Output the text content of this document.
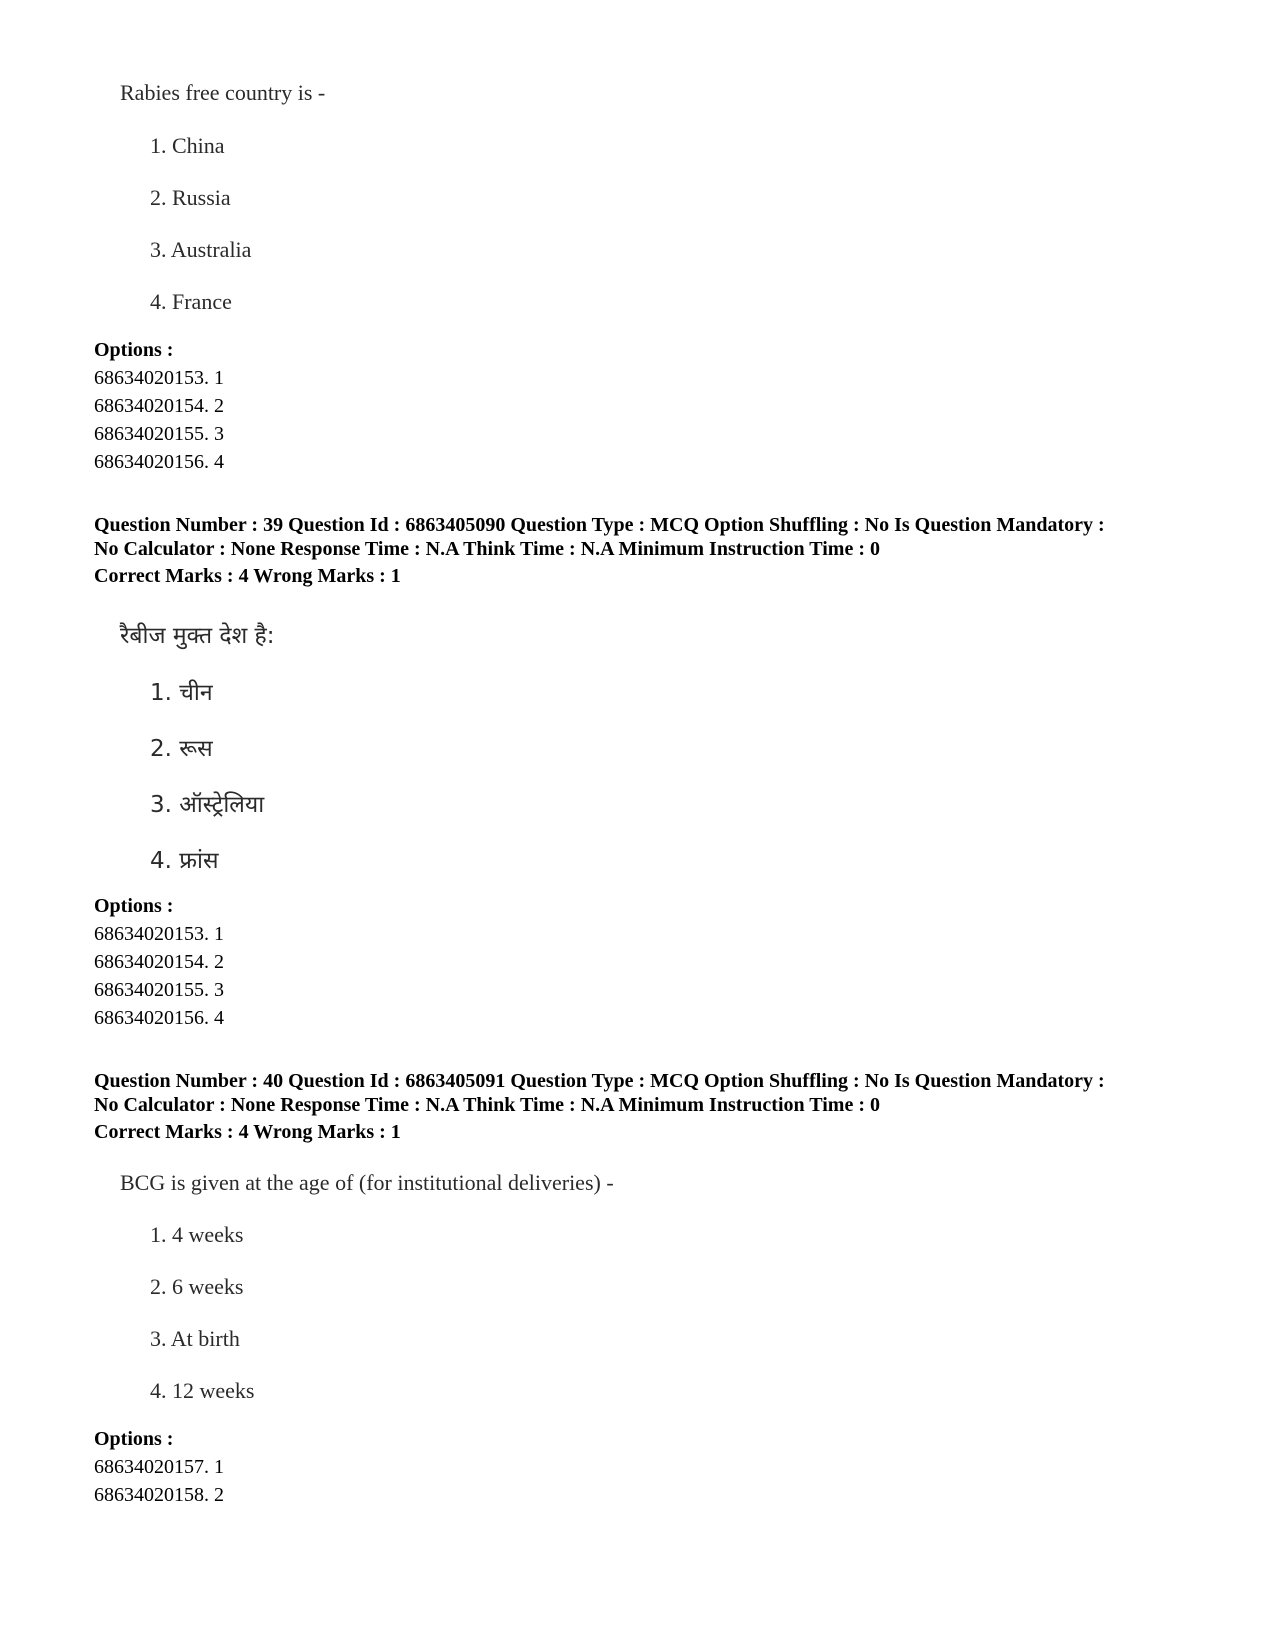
Rabies free country is -
1. China
2. Russia
3. Australia
4. France
Options :
68634020153. 1
68634020154. 2
68634020155. 3
68634020156. 4
Question Number : 39 Question Id : 6863405090 Question Type : MCQ Option Shuffling : No Is Question Mandatory :
No Calculator : None Response Time : N.A Think Time : N.A Minimum Instruction Time : 0
Correct Marks : 4 Wrong Marks : 1
रैबीज मुक्त देश है:
1. चीन
2. रूस
3. ऑस्ट्रेलिया
4. फ्रांस
Options :
68634020153. 1
68634020154. 2
68634020155. 3
68634020156. 4
Question Number : 40 Question Id : 6863405091 Question Type : MCQ Option Shuffling : No Is Question Mandatory :
No Calculator : None Response Time : N.A Think Time : N.A Minimum Instruction Time : 0
Correct Marks : 4 Wrong Marks : 1
BCG is given at the age of (for institutional deliveries) -
1. 4 weeks
2. 6 weeks
3. At birth
4. 12 weeks
Options :
68634020157. 1
68634020158. 2
